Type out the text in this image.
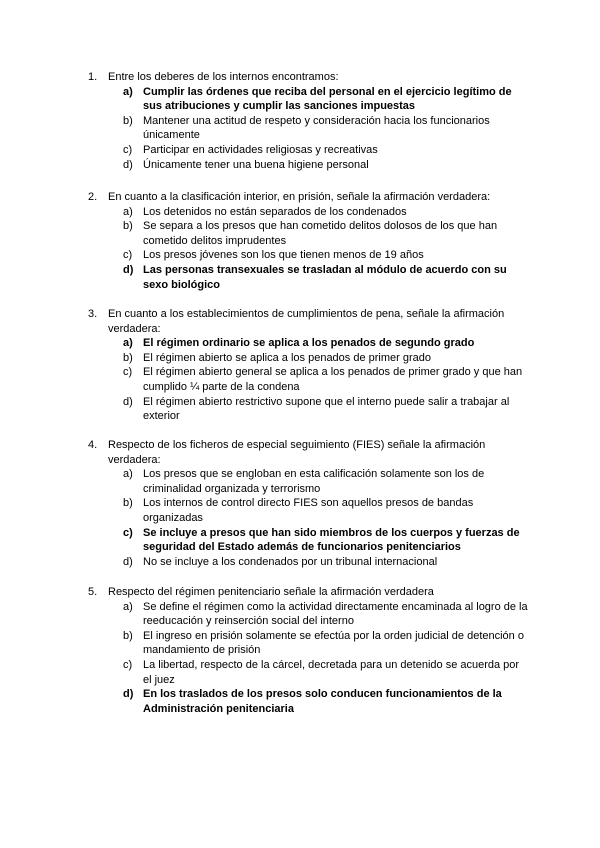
1. Entre los deberes de los internos encontramos:
a) Cumplir las órdenes que reciba del personal en el ejercicio legítimo de sus atribuciones y cumplir las sanciones impuestas
b) Mantener una actitud de respeto y consideración hacia los funcionarios únicamente
c) Participar en actividades religiosas y recreativas
d) Únicamente tener una buena higiene personal
2. En cuanto a la clasificación interior, en prisión, señale la afirmación verdadera:
a) Los detenidos no están separados de los condenados
b) Se separa a los presos que han cometido delitos dolosos de los que han cometido delitos imprudentes
c) Los presos jóvenes son los que tienen menos de 19 años
d) Las personas transexuales se trasladan al módulo de acuerdo con su sexo biológico
3. En cuanto a los establecimientos de cumplimientos de pena, señale la afirmación verdadera:
a) El régimen ordinario se aplica a los penados de segundo grado
b) El régimen abierto se aplica a los penados de primer grado
c) El régimen abierto general se aplica a los penados de primer grado y que han cumplido ¼ parte de la condena
d) El régimen abierto restrictivo supone que el interno puede salir a trabajar al exterior
4. Respecto de los ficheros de especial seguimiento (FIES) señale la afirmación verdadera:
a) Los presos que se engloban en esta calificación solamente son los de criminalidad organizada y terrorismo
b) Los internos de control directo FIES son aquellos presos de bandas organizadas
c) Se incluye a presos que han sido miembros de los cuerpos y fuerzas de seguridad del Estado además de funcionarios penitenciarios
d) No se incluye a los condenados por un tribunal internacional
5. Respecto del régimen penitenciario señale la afirmación verdadera
a) Se define el régimen como la actividad directamente encaminada al logro de la reeducación y reinserción social del interno
b) El ingreso en prisión solamente se efectúa por la orden judicial de detención o mandamiento de prisión
c) La libertad, respecto de la cárcel, decretada para un detenido se acuerda por el juez
d) En los traslados de los presos solo conducen funcionamientos de la Administración penitenciaria
